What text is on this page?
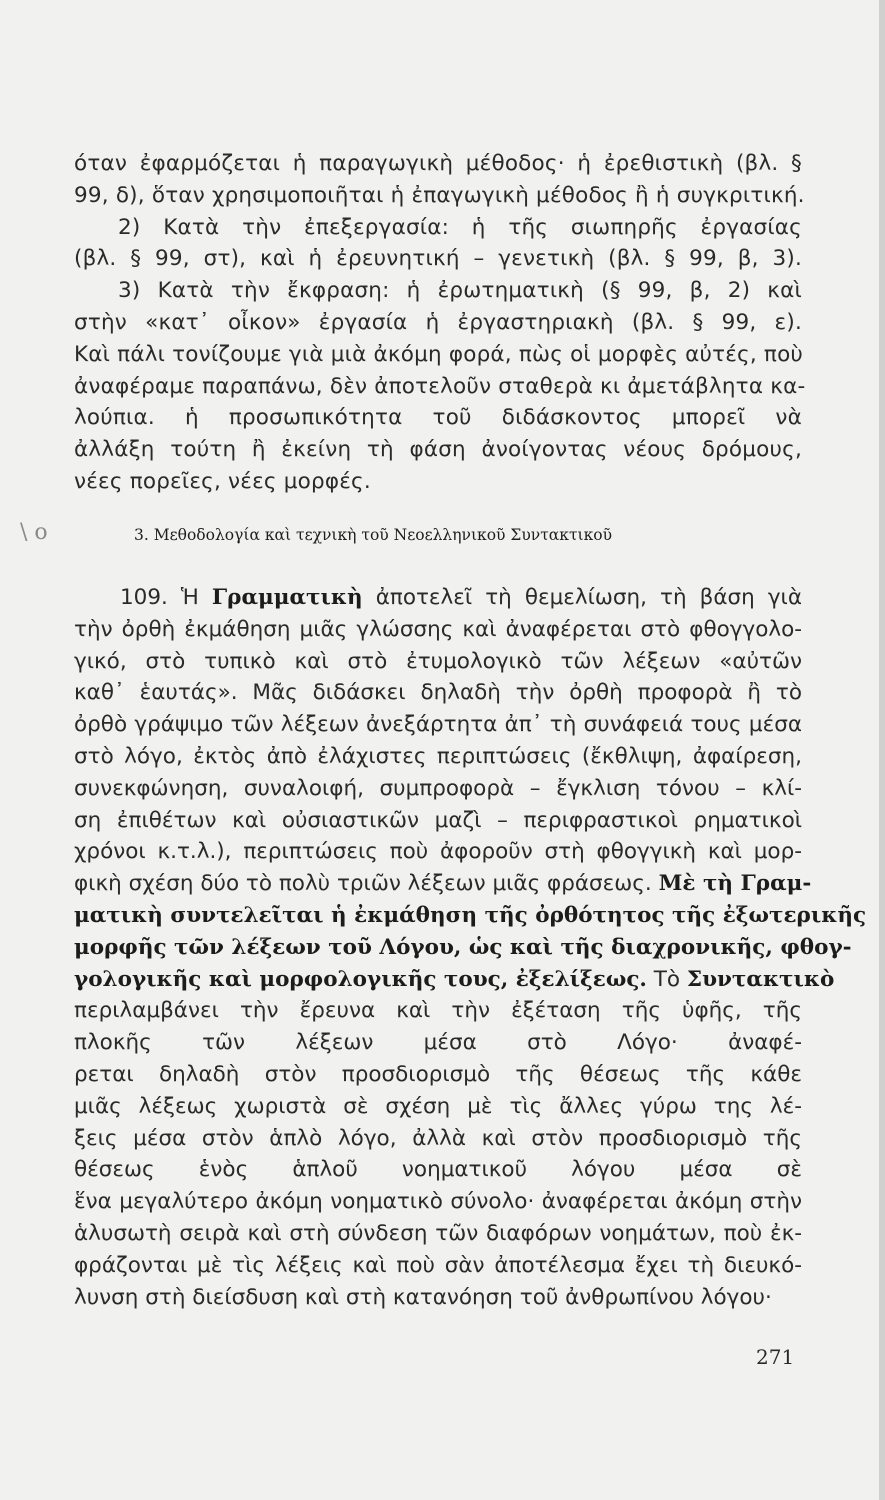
όταν ἐφαρμόζεται ἡ παραγωγικὴ μέθοδος· ἡ ἐρεθιστικὴ (βλ. §
99, δ), ὅταν χρησιμοποιῆται ἡ ἐπαγωγικὴ μέθοδος ἢ ἡ συγκριτική.
2) Κατὰ τὴν ἐπεξεργασία: ἡ τῆς σιωπηρῆς ἐργασίας
(βλ. § 99, στ), καὶ ἡ ἐρευνητική – γενετικὴ (βλ. § 99, β, 3).
3) Κατὰ τὴν ἔκφραση: ἡ ἐρωτηματικὴ (§ 99, β, 2) καὶ
στὴν «κατ᾽ οἶκον» ἐργασία ἡ ἐργαστηριακὴ (βλ. § 99, ε).
Καὶ πάλι τονίζουμε γιὰ μιὰ ἀκόμη φορά, πὼς οἱ μορφὲς αὐτές, ποὺ
ἀναφέραμε παραπάνω, δὲν ἀποτελοῦν σταθερὰ κι ἀμετάβλητα κα-
λούπια. ἡ προσωπικότητα τοῦ διδάσκοντος μπορεῖ νὰ
ἀλλάξη τούτη ἢ ἐκείνη τὴ φάση ἀνοίγοντας νέους δρόμους,
νέες πορεῖες, νέες μορφές.
\ ο	3. Μεθοδολογία καὶ τεχνικὴ τοῦ Νεοελληνικοῦ Συντακτικοῦ
109. Ἡ Γραμματικὴ ἀποτελεῖ τὴ θεμελίωση, τὴ βάση γιὰ
τὴν ὀρθὴ ἐκμάθηση μιᾶς γλώσσης καὶ ἀναφέρεται στὸ φθογγολο-
γικό, στὸ τυπικὸ καὶ στὸ ἐτυμολογικὸ τῶν λέξεων «αὐτῶν
καθ᾽ ἑαυτάς». Μᾶς διδάσκει δηλαδὴ τὴν ὀρθὴ προφορὰ ἢ τὸ
ὀρθὸ γράψιμο τῶν λέξεων ἀνεξάρτητα ἀπ᾽ τὴ συνάφειά τους μέσα
στὸ λόγο, ἐκτὸς ἀπὸ ἐλάχιστες περιπτώσεις (ἔκθλιψη, ἀφαίρεση,
συνεκφώνηση, συναλοιφή, συμπροφορὰ – ἔγκλιση τόνου – κλί-
ση ἐπιθέτων καὶ οὐσιαστικῶν μαζὶ – περιφραστικοὶ ρηματικοὶ
χρόνοι κ.τ.λ.), περιπτώσεις ποὺ ἀφοροῦν στὴ φθογγικὴ καὶ μορ-
φικὴ σχέση δύο τὸ πολὺ τριῶν λέξεων μιᾶς φράσεως. Μὲ τὴ Γραμ-
ματικὴ συντελεῖται ἡ ἐκμάθηση τῆς ὀρθότητος τῆς ἐξωτερικῆς
μορφῆς τῶν λέξεων τοῦ Λόγου, ὡς καὶ τῆς διαχρονικῆς, φθογ-
γολογικῆς καὶ μορφολογικῆς τους, ἐξελίξεως. Τὸ Συντακτικὸ
περιλαμβάνει τὴν ἔρευνα καὶ τὴν ἐξέταση τῆς ὑφῆς, τῆς
πλοκῆς τῶν λέξεων μέσα στὸ Λόγο· ἀναφέ-
ρεται δηλαδὴ στὸν προσδιορισμὸ τῆς θέσεως τῆς κάθε
μιᾶς λέξεως χωριστὰ σὲ σχέση μὲ τὶς ἄλλες γύρω της λέ-
ξεις μέσα στὸν ἁπλὸ λόγο, ἀλλὰ καὶ στὸν προσδιορισμὸ τῆς
θέσεως ἑνὸς ἁπλοῦ νοηματικοῦ λόγου μέσα σὲ
ἕνα μεγαλύτερο ἀκόμη νοηματικὸ σύνολο· ἀναφέρεται ἀκόμη στὴν
ἁλυσωτὴ σειρὰ καὶ στὴ σύνδεση τῶν διαφόρων νοημάτων, ποὺ ἐκ-
φράζονται μὲ τὶς λέξεις καὶ ποὺ σὰν ἀποτέλεσμα ἔχει τὴ διευκό-
λυνση στὴ διείσδυση καὶ στὴ κατανόηση τοῦ ἀνθρωπίνου λόγου·
271
